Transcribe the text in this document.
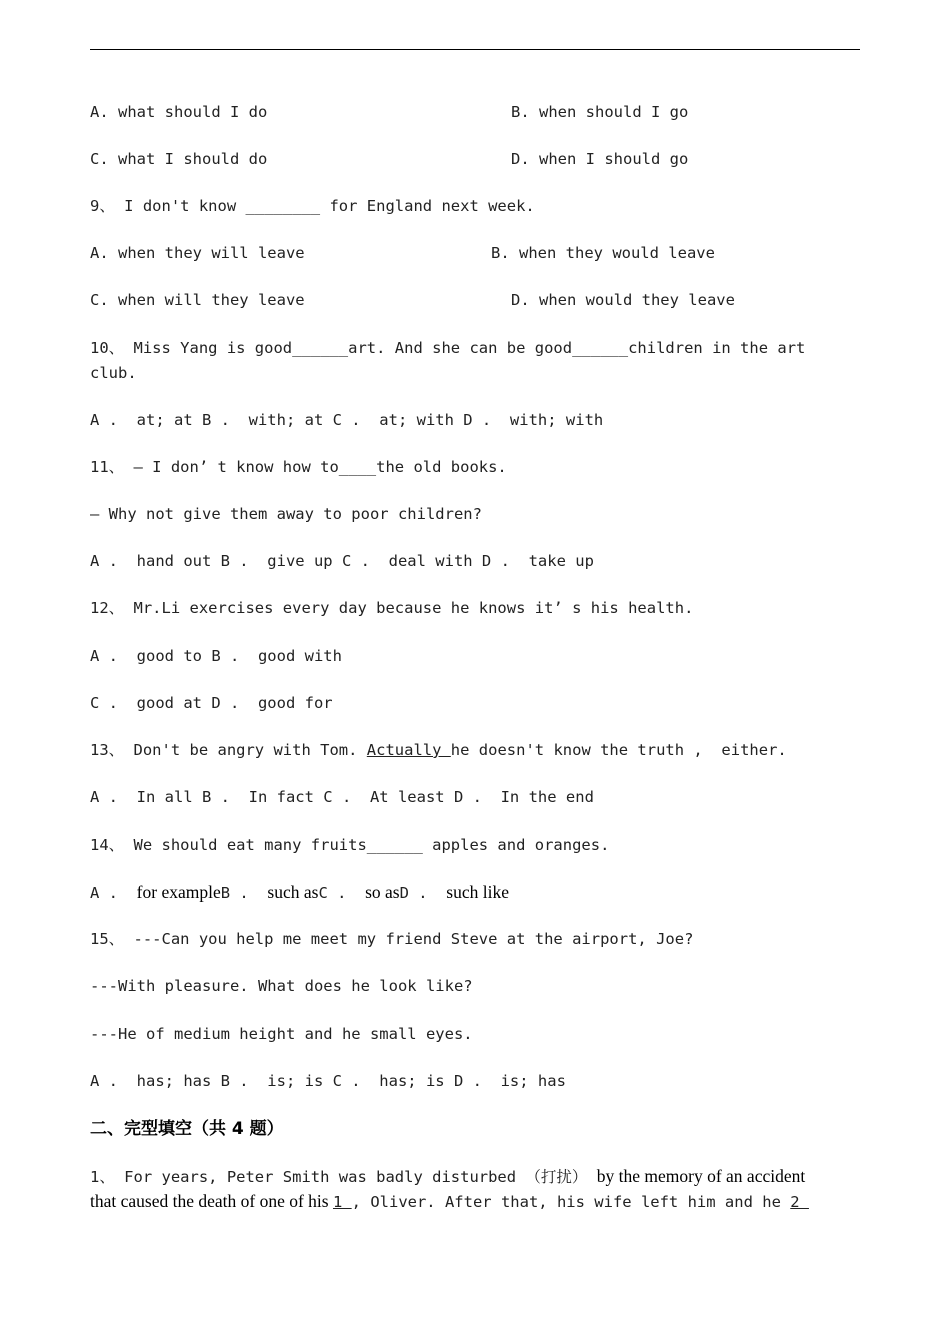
A. what should I do	B. when should I go
C. what I should do	D. when I should go
9、 I don't know ________ for England next week.
A. when they will leave	B. when they would leave
C. when will they leave	D. when would they leave
10、 Miss Yang is good______art. And she can be good______children in the art club.
A .  at; at B .  with; at C .  at; with D .  with; with
11、 — I don’ t know how to____the old books.
— Why not give them away to poor children?
A .  hand out B .  give up C .  deal with D .  take up
12、 Mr.Li exercises every day because he knows it’ s his health.
A .  good to B .  good with
C .  good at D .  good for
13、 Don't be angry with Tom. Actually he doesn't know the truth ,  either.
A .  In all B .  In fact C .  At least D .  In the end
14、 We should eat many fruits______ apples and oranges.
A .  for exampleB .  such asC .  so asD .  such like
15、 ---Can you help me meet my friend Steve at the airport, Joe?
---With pleasure. What does he look like?
---He of medium height and he small eyes.
A .  has; has B .  is; is C .  has; is D .  is; has
二、完型填空（共 4 题）
1、 For years, Peter Smith was badly disturbed （打扰） by the memory of an accident
that caused the death of one of his 1 , Oliver. After that, his wife left him and he 2
